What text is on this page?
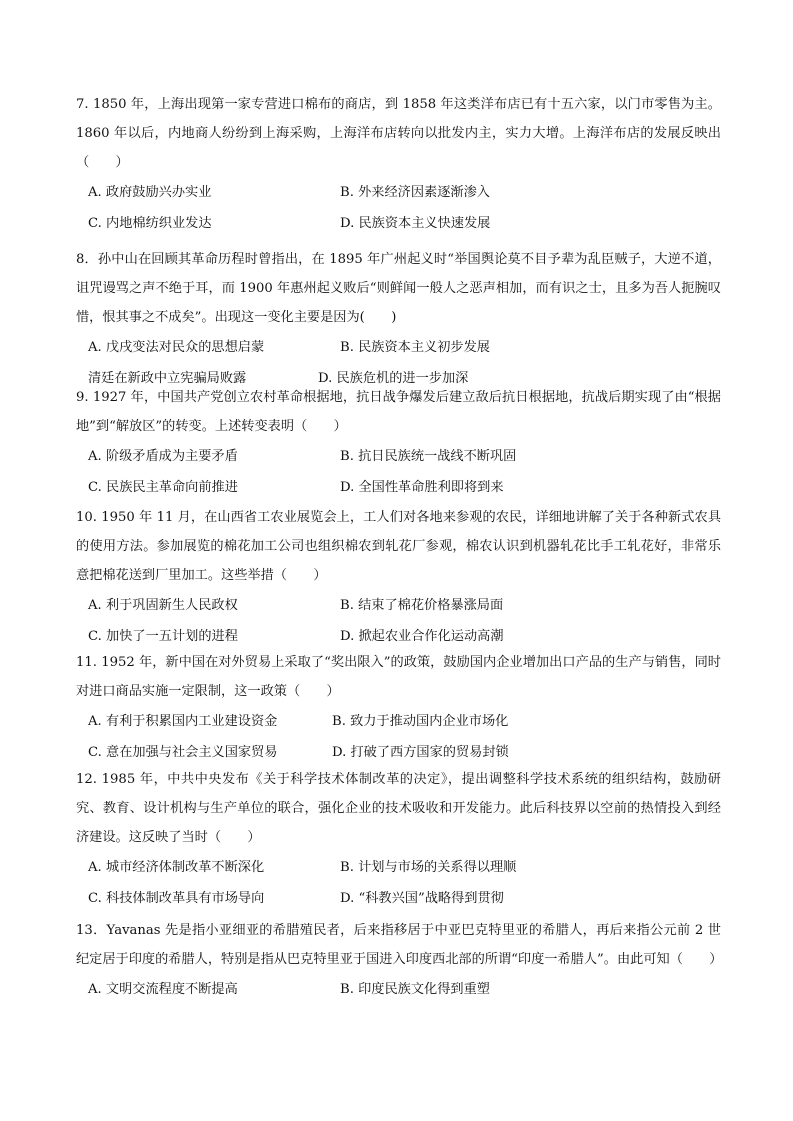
7. 1850 年，上海出现第一家专营进口棉布的商店，到 1858 年这类洋布店已有十五六家，以门市零售为主。1860 年以后，内地商人纷纷到上海采购，上海洋布店转向以批发内主，实力大增。上海洋布店的发展反映出（　　）
A. 政府鼓励兴办实业	B. 外来经济因素逐渐渗入
C. 内地棉纺织业发达	D. 民族资本主义快速发展
8．孙中山在回顾其革命历程时曾指出，在 1895 年广州起义时“举国舆论莫不目予辈为乱臣贼子，大逆不道，诅咒谩骂之声不绝于耳，而 1900 年惠州起义败后“则鲜闻一般人之恶声相加，而有识之士，且多为吾人扼腕叹惜，恨其事之不成矣”。出现这一变化主要是因为(　　)
A. 戊戌变法对民众的思想启蒙	B. 民族资本主义初步发展
清廷在新政中立宪骗局败露	D. 民族危机的进一步加深
9. 1927 年，中国共产党创立农村革命根据地，抗日战争爆发后建立敌后抗日根据地，抗战后期实现了由“根据地”到“解放区”的转变。上述转变表明（　　）
A. 阶级矛盾成为主要矛盾	B. 抗日民族统一战线不断巩固
C. 民族民主革命向前推进	D. 全国性革命胜利即将到来
10. 1950 年 11 月，在山西省工农业展览会上，工人们对各地来参观的农民，详细地讲解了关于各种新式农具的使用方法。参加展览的棉花加工公司也组织棉农到轧花厂参观，棉农认识到机器轧花比手工轧花好，非常乐意把棉花送到厂里加工。这些举措（　　）
A. 利于巩固新生人民政权	B. 结束了棉花价格暴涨局面
C. 加快了一五计划的进程	D. 掀起农业合作化运动高潮
11. 1952 年，新中国在对外贸易上采取了“奖出限入”的政策，鼓励国内企业增加出口产品的生产与销售，同时对进口商品实施一定限制，这一政策（　　）
A. 有利于积累国内工业建设资金	B. 致力于推动国内企业市场化
C. 意在加强与社会主义国家贸易	D. 打破了西方国家的贸易封锁
12. 1985 年，中共中央发布《关于科学技术体制改革的决定》，提出调整科学技术系统的组织结构，鼓励研究、教育、设计机构与生产单位的联合，强化企业的技术吸收和开发能力。此后科技界以空前的热情投入到经济建设。这反映了当时（　　）
A. 城市经济体制改革不断深化	B. 计划与市场的关系得以理顺
C. 科技体制改革具有市场导向	D. “科教兴国”战略得到贯彻
13．Yavanas 先是指小亚细亚的希腊殖民者，后来指移居于中亚巴克特里亚的希腊人，再后来指公元前 2 世纪定居于印度的希腊人，特别是指从巴克特里亚于国进入印度西北部的所谓“印度一希腊人”。由此可知（　　）
A. 文明交流程度不断提高	B. 印度民族文化得到重塑
